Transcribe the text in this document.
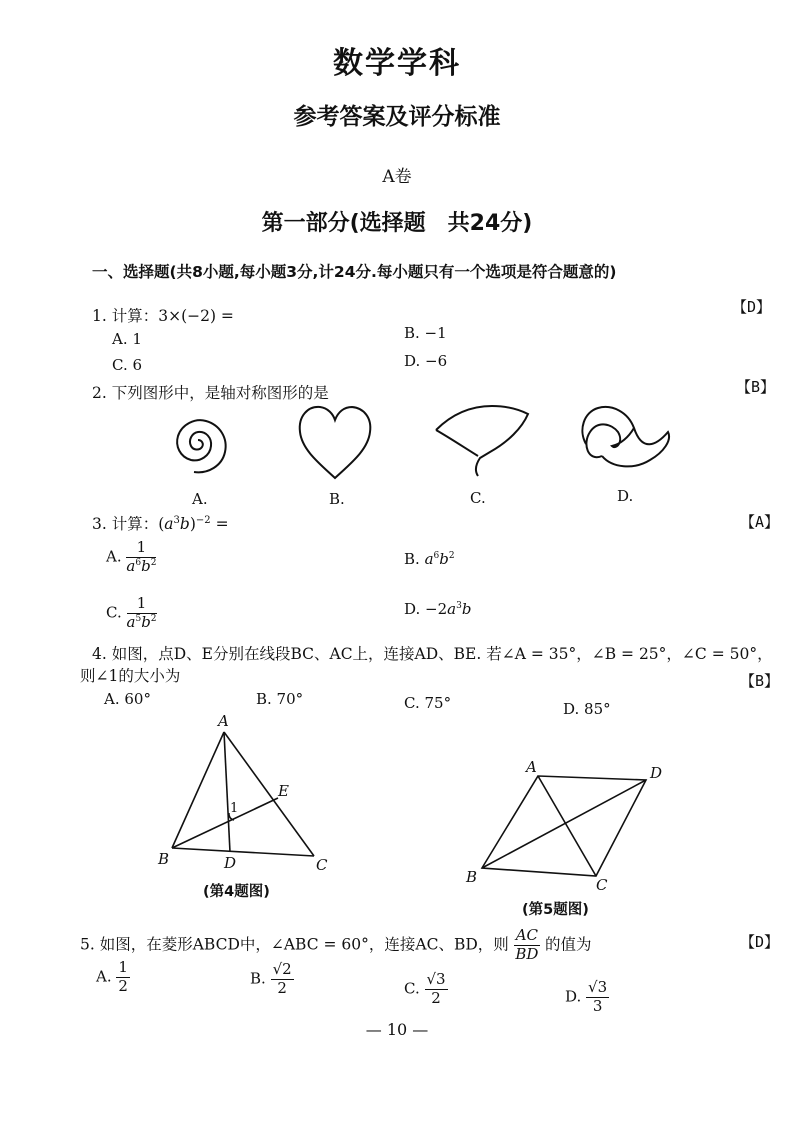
数学学科
参考答案及评分标准
A卷
第一部分(选择题　共24分)
一、选择题(共8小题,每小题3分,计24分.每小题只有一个选项是符合题意的)
1. 计算：3×(−2) =	【D】
A. 1	B. −1
C. 6	D. −6
2. 下列图形中，是轴对称图形的是	【B】
A.	B.	C.	D.
3. 计算：$(a^3b)^{-2}$ =	【A】
A. $\frac{1}{a^6b^2}$	B. $a^6b^2$
C. $\frac{1}{a^5b^2}$	D. $-2a^3b$
4. 如图，点D、E分别在线段BC、AC上，连接AD、BE. 若∠A = 35°，∠B = 25°，∠C = 50°，
则∠1的大小为	【B】
A. 60°	B. 70°	C. 75°	D. 85°
A
B	C
D
E
1
(第4题图)
A
B	C
D
(第5题图)
5. 如图，在菱形ABCD中，∠ABC = 60°，连接AC、BD，则 $\frac{AC}{BD}$ 的值为	【D】
A. $\frac{1}{2}$	B. $\frac{√2}{2}$	C. $\frac{√3}{2}$	D. $\frac{√3}{3}$
— 10 —
